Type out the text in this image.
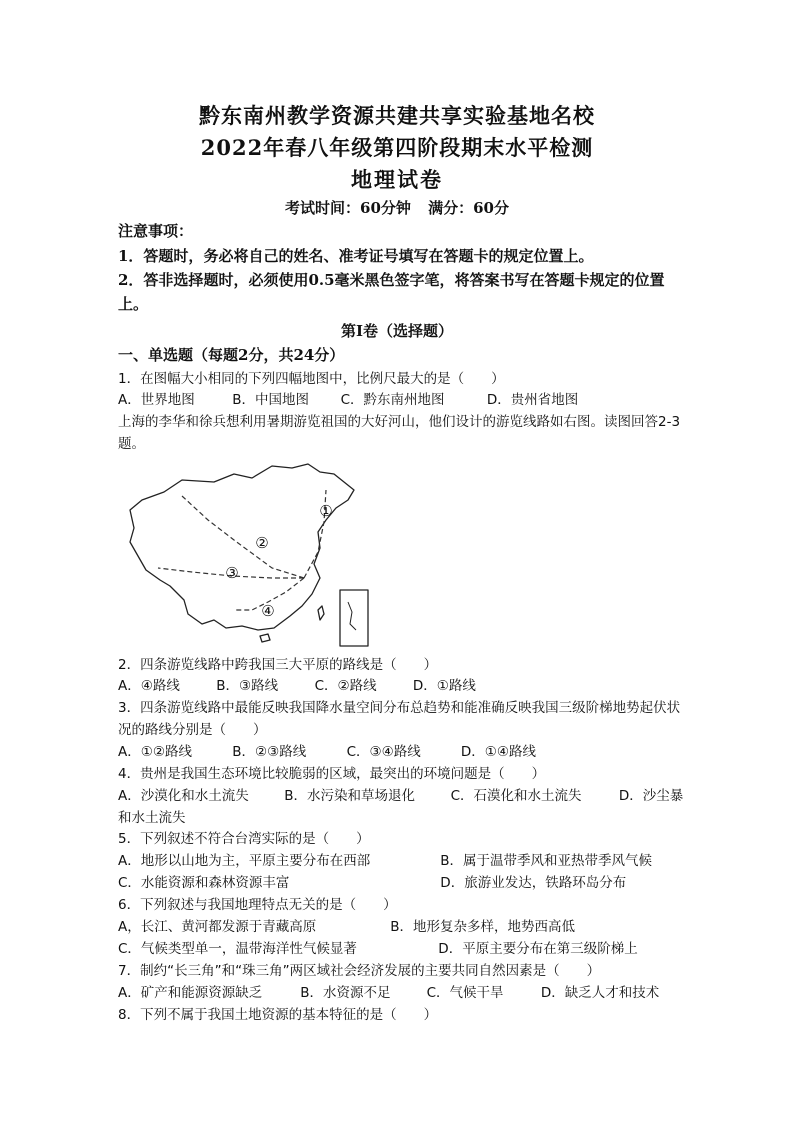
黔东南州教学资源共建共享实验基地名校
2022年春八年级第四阶段期末水平检测
地理试卷
考试时间：60分钟 满分：60分
注意事项：
1．答题时，务必将自己的姓名、准考证号填写在答题卡的规定位置上。
2．答非选择题时，必须使用0.5毫米黑色签字笔，将答案书写在答题卡规定的位置上。
第Ⅰ卷（选择题）
一、单选题（每题2分，共24分）
1．在图幅大小相同的下列四幅地图中，比例尺最大的是（　　）
A．世界地图	B．中国地图 C．黔东南州地图	D．贵州省地图
上海的李华和徐兵想利用暑期游览祖国的大好河山，他们设计的游览线路如右图。读图回答2-3题。
①
②
③
④
2．四条游览线路中跨我国三大平原的路线是（　　）
A．④路线	B．③路线	C．②路线	D．①路线
3．四条游览线路中最能反映我国降水量空间分布总趋势和能准确反映我国三级阶梯地势起伏状况的路线分别是（　　）
A．①②路线	B．②③路线	C．③④路线	D．①④路线
4．贵州是我国生态环境比较脆弱的区域，最突出的环境问题是（　　）
A．沙漠化和水土流失	B．水污染和草场退化	C．石漠化和水土流失	D．沙尘暴和水土流失
5．下列叙述不符合台湾实际的是（　　）
A．地形以山地为主，平原主要分布在西部	B．属于温带季风和亚热带季风气候
C．水能资源和森林资源丰富	D．旅游业发达，铁路环岛分布
6．下列叙述与我国地理特点无关的是（　　）
A，长江、黄河都发源于青藏高原	B．地形复杂多样，地势西高低
C．气候类型单一，温带海洋性气候显著	D．平原主要分布在第三级阶梯上
7．制约“长三角”和“珠三角”两区域社会经济发展的主要共同自然因素是（　　）
A．矿产和能源资源缺乏	B．水资源不足	C．气候干旱	D．缺乏人才和技术
8．下列不属于我国土地资源的基本特征的是（　　）
